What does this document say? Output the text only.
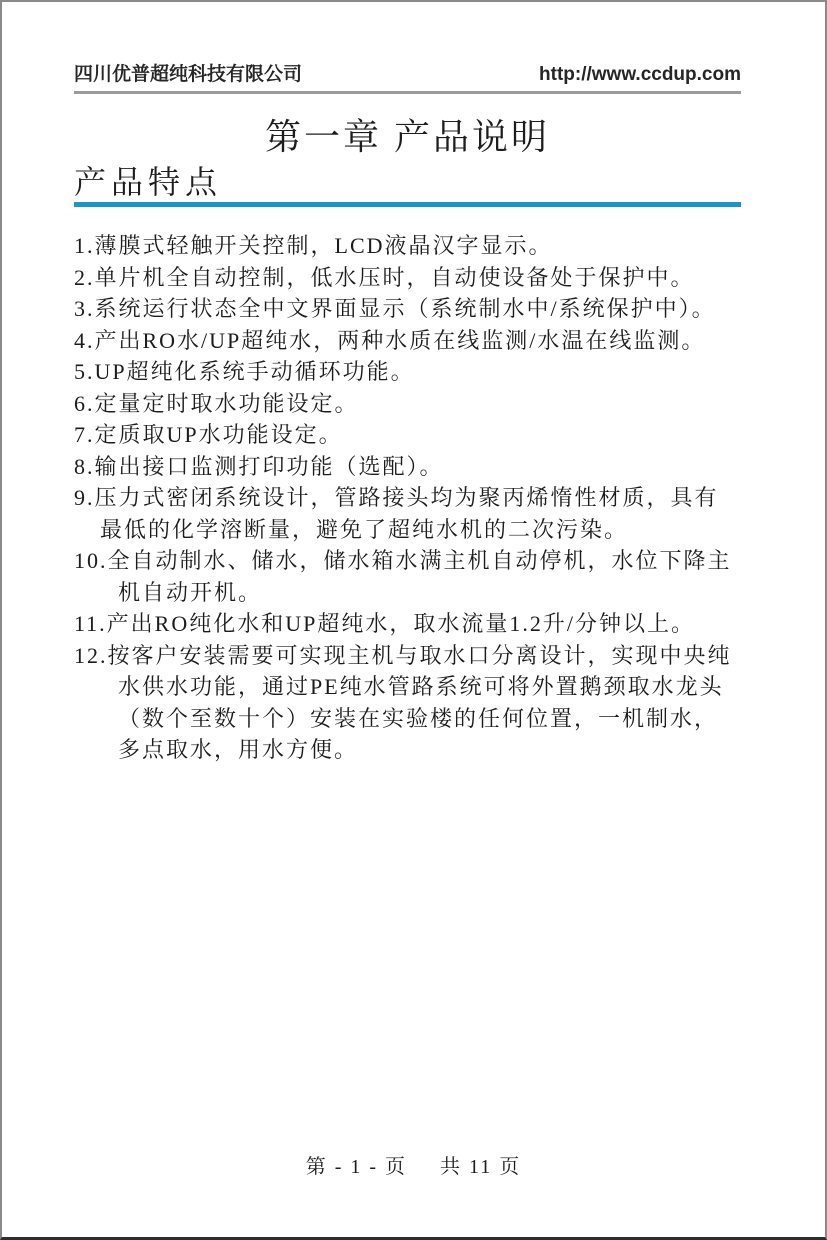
四川优普超纯科技有限公司	http://www.ccdup.com
第一章 产品说明
产品特点
1.薄膜式轻触开关控制，LCD液晶汉字显示。
2.单片机全自动控制，低水压时，自动使设备处于保护中。
3.系统运行状态全中文界面显示（系统制水中/系统保护中）。
4.产出RO水/UP超纯水，两种水质在线监测/水温在线监测。
5.UP超纯化系统手动循环功能。
6.定量定时取水功能设定。
7.定质取UP水功能设定。
8.输出接口监测打印功能（选配）。
9.压力式密闭系统设计，管路接头均为聚丙烯惰性材质，具有最低的化学溶断量，避免了超纯水机的二次污染。
10.全自动制水、储水，储水箱水满主机自动停机，水位下降主机自动开机。
11.产出RO纯化水和UP超纯水，取水流量1.2升/分钟以上。
12.按客户安装需要可实现主机与取水口分离设计，实现中央纯水供水功能，通过PE纯水管路系统可将外置鹅颈取水龙头（数个至数十个）安装在实验楼的任何位置，一机制水，多点取水，用水方便。
第 - 1 - 页 共 11 页
